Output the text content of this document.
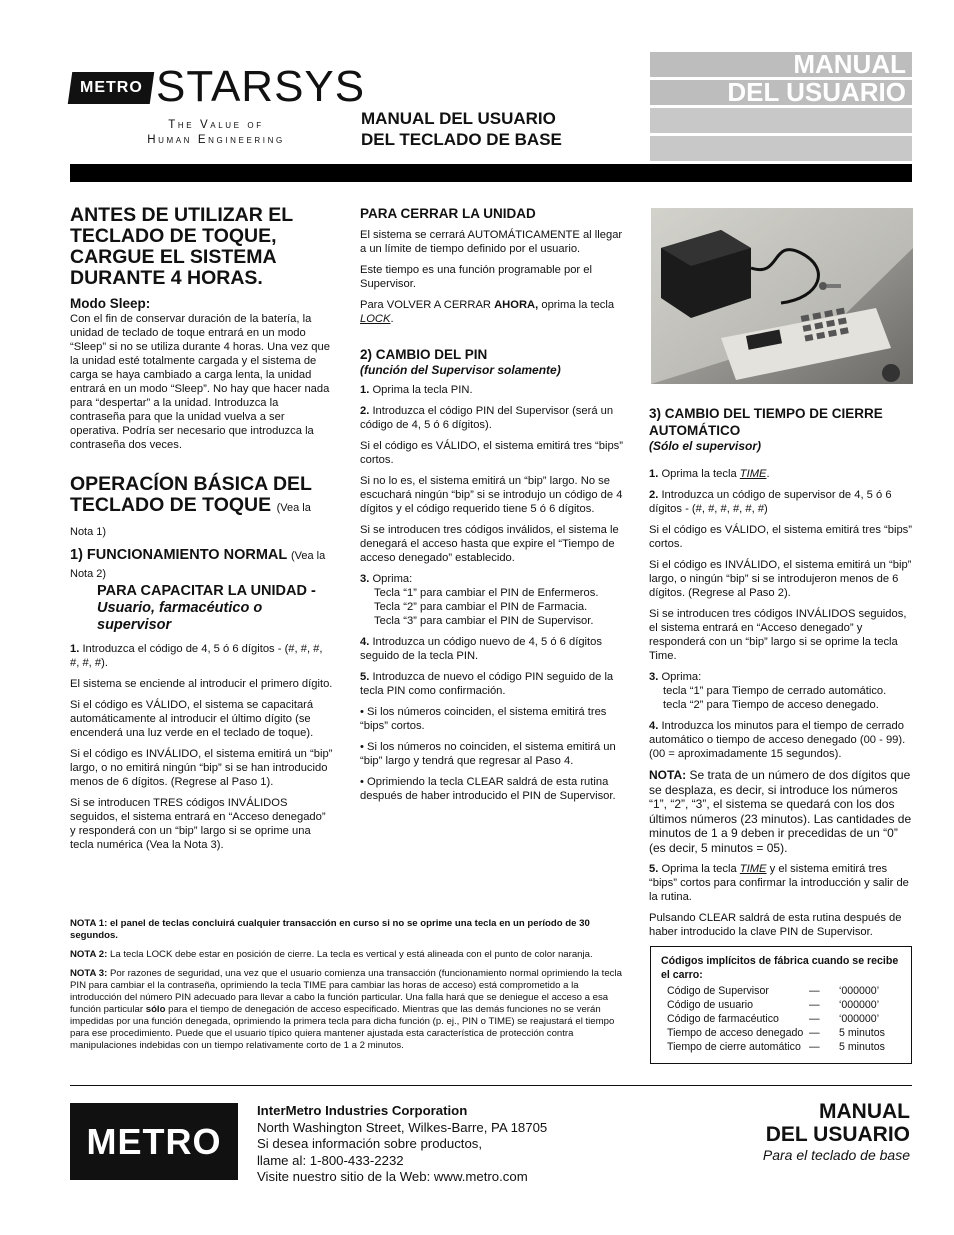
METRO STARSYS
The Value of
Human Engineering
MANUAL DEL USUARIO
DEL TECLADO DE BASE
MANUAL
DEL USUARIO
ANTES DE UTILIZAR EL TECLADO DE TOQUE, CARGUE EL SISTEMA DURANTE 4 HORAS.
Modo Sleep:

Con el fin de conservar duración de la batería, la unidad de teclado de toque entrará en un modo “Sleep” si no se utiliza durante 4 horas. Una vez que la unidad esté totalmente cargada y el sistema de carga se haya cambiado a carga lenta, la unidad entrará en un modo “Sleep”. No hay que hacer nada para “despertar” a la unidad. Introduzca la contraseña para que la unidad vuelva a ser operativa. Podría ser necesario que introduzca la contraseña dos veces.

OPERACÍON BÁSICA DEL TECLADO DE TOQUE (Vea la Nota 1)
1) FUNCIONAMIENTO NORMAL (Vea la Nota 2)
PARA CAPACITAR LA UNIDAD - Usuario, farmacéutico o supervisor

1. Introduzca el código de 4, 5 ó 6 dígitos - (#, #, #, #, #, #).

El sistema se enciende al introducir el primero dígito.

Si el código es VÁLIDO, el sistema se capacitará automáticamente al introducir el último dígito (se encenderá una luz verde en el teclado de toque).

Si el código es INVÁLIDO, el sistema emitirá un “bip” largo, o no emitirá ningún “bip” si se han introducido menos de 6 dígitos. (Regrese al Paso 1).

Si se introducen TRES códigos INVÁLIDOS seguidos, el sistema entrará en “Acceso denegado” y responderá con un “bip” largo si se oprime una tecla numérica (Vea la Nota 3).

PARA CERRAR LA UNIDAD

El sistema se cerrará AUTOMÁTICAMENTE al llegar a un límite de tiempo definido por el usuario.

Este tiempo es una función programable por el Supervisor.

Para VOLVER A CERRAR AHORA, oprima la tecla LOCK.

2) CAMBIO DEL PIN
(función del Supervisor solamente)

1. Oprima la tecla PIN.

2. Introduzca el código PIN del Supervisor (será un código de 4, 5 ó 6 dígitos).

Si el código es VÁLIDO, el sistema emitirá tres “bips” cortos.

Si no lo es, el sistema emitirá un “bip” largo. No se escuchará ningún “bip” si se introdujo un código de 4 dígitos y el código requerido tiene 5 ó 6 dígitos.

Si se introducen tres códigos inválidos, el sistema le denegará el acceso hasta que expire el “Tiempo de acceso denegado” establecido.

3. Oprima:
Tecla “1” para cambiar el PIN de Enfermeros.
Tecla “2” para cambiar el PIN de Farmacia.
Tecla “3” para cambiar el PIN de Supervisor.

4. Introduzca un código nuevo de 4, 5 ó 6 dígitos seguido de la tecla PIN.

5. Introduzca de nuevo el código PIN seguido de la tecla PIN como confirmación.

• Si los números coinciden, el sistema emitirá tres “bips” cortos.

• Si los números no coinciden, el sistema emitirá un “bip” largo y tendrá que regresar al Paso 4.

• Oprimiendo la tecla CLEAR saldrá de esta rutina después de haber introducido el PIN de Supervisor.

3) CAMBIO DEL TIEMPO DE CIERRE AUTOMÁTICO
(Sólo el supervisor)

1. Oprima la tecla TIME.

2. Introduzca un código de supervisor de 4, 5 ó 6 dígitos - (#, #, #, #, #, #)

Si el código es VÁLIDO, el sistema emitirá tres “bips” cortos.

Si el código es INVÁLIDO, el sistema emitirá un “bip” largo, o ningún “bip” si se introdujeron menos de 6 dígitos. (Regrese al Paso 2).

Si se introducen tres códigos INVÁLIDOS seguidos, el sistema entrará en “Acceso denegado” y responderá con un “bip” largo si se oprime la tecla Time.

3. Oprima:
tecla “1” para Tiempo de cerrado automático.
tecla “2” para Tiempo de acceso denegado.

4. Introduzca los minutos para el tiempo de cerrado automático o tiempo de acceso denegado (00 - 99). (00 = aproximadamente 15 segundos).

NOTA: Se trata de un número de dos dígitos que se desplaza, es decir, si introduce los números “1”, “2”, “3”, el sistema se quedará con los dos últimos números (23 minutos). Las cantidades de minutos de 1 a 9 deben ir precedidas de un “0” (es decir, 5 minutos = 05).

5. Oprima la tecla TIME y el sistema emitirá tres “bips” cortos para confirmar la introducción y salir de la rutina.

Pulsando CLEAR saldrá de esta rutina después de haber introducido la clave PIN de Supervisor.

NOTA 1: el panel de teclas concluirá cualquier transacción en curso si no se oprime una tecla en un período de 30 segundos.

NOTA 2: La tecla LOCK debe estar en posición de cierre. La tecla es vertical y está alineada con el punto de color naranja.

NOTA 3: Por razones de seguridad, una vez que el usuario comienza una transacción (funcionamiento normal oprimiendo la tecla PIN para cambiar el la contraseña, oprimiendo la tecla TIME para cambiar las horas de acceso) está comprometido a la introducción del número PIN adecuado para llevar a cabo la función particular. Una falla hará que se deniegue el acceso a esa función particular sólo para el tiempo de denegación de acceso especificado. Mientras que las demás funciones no se verán impedidas por una función denegada, oprimiendo la primera tecla para dicha función (p. ej., PIN o TIME) se reajustará el tiempo para ese procedimiento. Puede que el usuario típico quiera mantener ajustada esta característica de protección contra manipulaciones indebidas con un tiempo relativamente corto de 1 a 2 minutos.

Códigos implícitos de fábrica cuando se recibe el carro:
Código de Supervisor	—	‘000000’
Código de usuario	—	‘000000’
Código de farmacéutico	—	‘000000’
Tiempo de acceso denegado	—	5 minutos
Tiempo de cierre automático	—	5 minutos
METRO
InterMetro Industries Corporation
North Washington Street, Wilkes-Barre, PA 18705
Si desea información sobre productos,
llame al: 1-800-433-2232
Visite nuestro sitio de la Web: www.metro.com
MANUAL
DEL USUARIO
Para el teclado de base
